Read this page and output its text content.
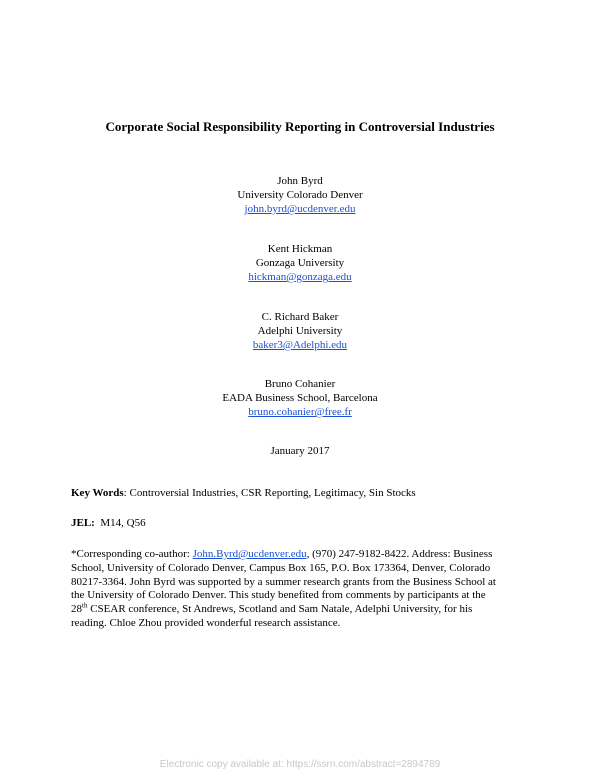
Corporate Social Responsibility Reporting in Controversial Industries
John Byrd
University Colorado Denver
john.byrd@ucdenver.edu
Kent Hickman
Gonzaga University
hickman@gonzaga.edu
C. Richard Baker
Adelphi University
baker3@Adelphi.edu
Bruno Cohanier
EADA Business School, Barcelona
bruno.cohanier@free.fr
January 2017
Key Words: Controversial Industries, CSR Reporting, Legitimacy, Sin Stocks
JEL: M14, Q56
*Corresponding co-author: John.Byrd@ucdenver.edu, (970) 247-9182-8422. Address: Business
School, University of Colorado Denver, Campus Box 165, P.O. Box 173364, Denver, Colorado
80217-3364. John Byrd was supported by a summer research grants from the Business School at
the University of Colorado Denver. This study benefited from comments by participants at the
28th CSEAR conference, St Andrews, Scotland and Sam Natale, Adelphi University, for his
reading. Chloe Zhou provided wonderful research assistance.
Electronic copy available at: https://ssrn.com/abstract=2894789
